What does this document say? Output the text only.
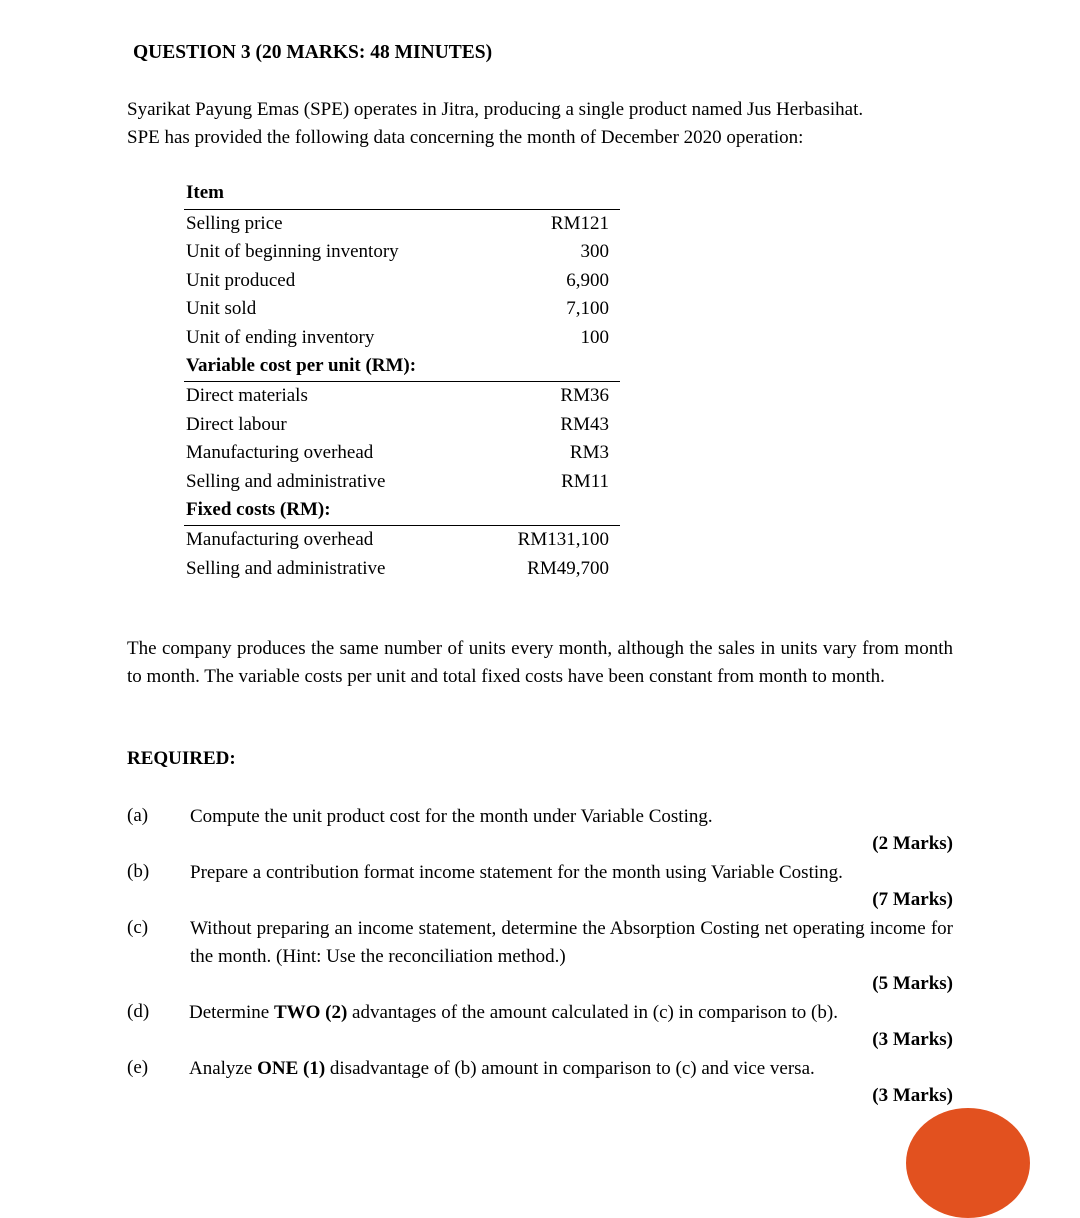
QUESTION 3 (20 MARKS: 48 MINUTES)

Syarikat Payung Emas (SPE) operates in Jitra, producing a single product named Jus Herbasihat.

SPE has provided the following data concerning the month of December 2020 operation:

Item
Selling price	RM121
Unit of beginning inventory	300
Unit produced	6,900
Unit sold	7,100
Unit of ending inventory	100
Variable cost per unit (RM):
Direct materials	RM36
Direct labour	RM43
Manufacturing overhead	RM3
Selling and administrative	RM11
Fixed costs (RM):
Manufacturing overhead	RM131,100
Selling and administrative	RM49,700

The company produces the same number of units every month, although the sales in units vary from month to month. The variable costs per unit and total fixed costs have been constant from month to month.

REQUIRED:
(a) Compute the unit product cost for the month under Variable Costing.
(2 Marks)
(b) Prepare a contribution format income statement for the month using Variable Costing.
(7 Marks)
(c) Without preparing an income statement, determine the Absorption Costing net operating income for the month. (Hint: Use the reconciliation method.)
(5 Marks)
(d) Determine TWO (2) advantages of the amount calculated in (c) in comparison to (b).
(3 Marks)
(e) Analyze ONE (1) disadvantage of (b) amount in comparison to (c) and vice versa.
(3 Marks)
